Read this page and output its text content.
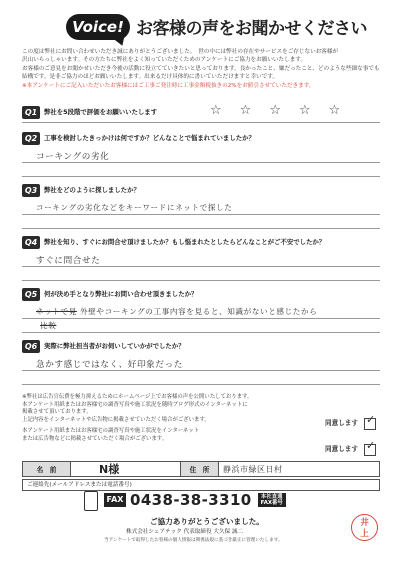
Voice! お客様の声をお聞かせください
この度は弊社にお問い合わせいただき誠にありがとうございました。　世の中には弊社の存在やサービスをご存じないお客様が
沢山いらっしゃいます。その方たちに弊社をよく知っていただくためのアンケートにご協力をお願いいたします。
お客様のご意見をお聞かせいただき今後の活動に役立てていきたいと思っております。良かったこと、嫌だったこと、どのような些細な事でも
結構です。是非ご協力のほどお願いいたします。出来るだけ具体的に書いていただけますと幸いです。
※本アンケートにご記入いただいたお客様にはご工事ご発注時に工事金額税抜きの2%をお値引させていただきます。
Q1	弊社を5段階で評価をお願いいたします	☆ ☆ ☆ ☆ ☆
Q2	工事を検討したきっかけは何ですか？どんなことで悩まれていましたか？
コーキングの劣化
Q3	弊社をどのように探しましたか？
コーキングの劣化などをキーワードにネットで探した
Q4	弊社を知り、すぐにお問合せ頂けましたか？もし悩まれたとしたらどんなことがご不安でしたか？
すぐに問合せた
Q5	何が決め手となり弊社にお問い合わせ頂きましたか？
ネットで見 外壁やコーキングの工事内容を見ると、知識がないと感じたから
比較
Q6	実際に弊社担当者がお伺いしていかがでしたか？
急かす感じではなく、好印象だった
※弊社は広告宣伝費を極力抑えるためにホームページ上でお客様の声を公開いたしております。
本アンケート用紙またはお客様宅の調査写真や施工状況を随時ブログ形式のインターネットに
掲載させて頂いております。
上記内容をインターネットや広告物に掲載させていただく場合がございます。
本アンケート用紙またはお客様宅の調査写真や施工状況をインターネット
または広告物などに掲載させていただく場合がございます。
同意します ✓
同意します ✓
名　前	N様	住　所	静浜市緑区日村
ご連絡先(メールアドレスまたは電話番号)
FAX 0438-38-3310 本社直通
FAX番号
ご協力ありがとうございました。
株式会社シェアテック 代表取締役 大久保 誠二
当アンケートで取得したお客様の個人情報は関係法規に基づき厳正に管理いたします。
井
上
